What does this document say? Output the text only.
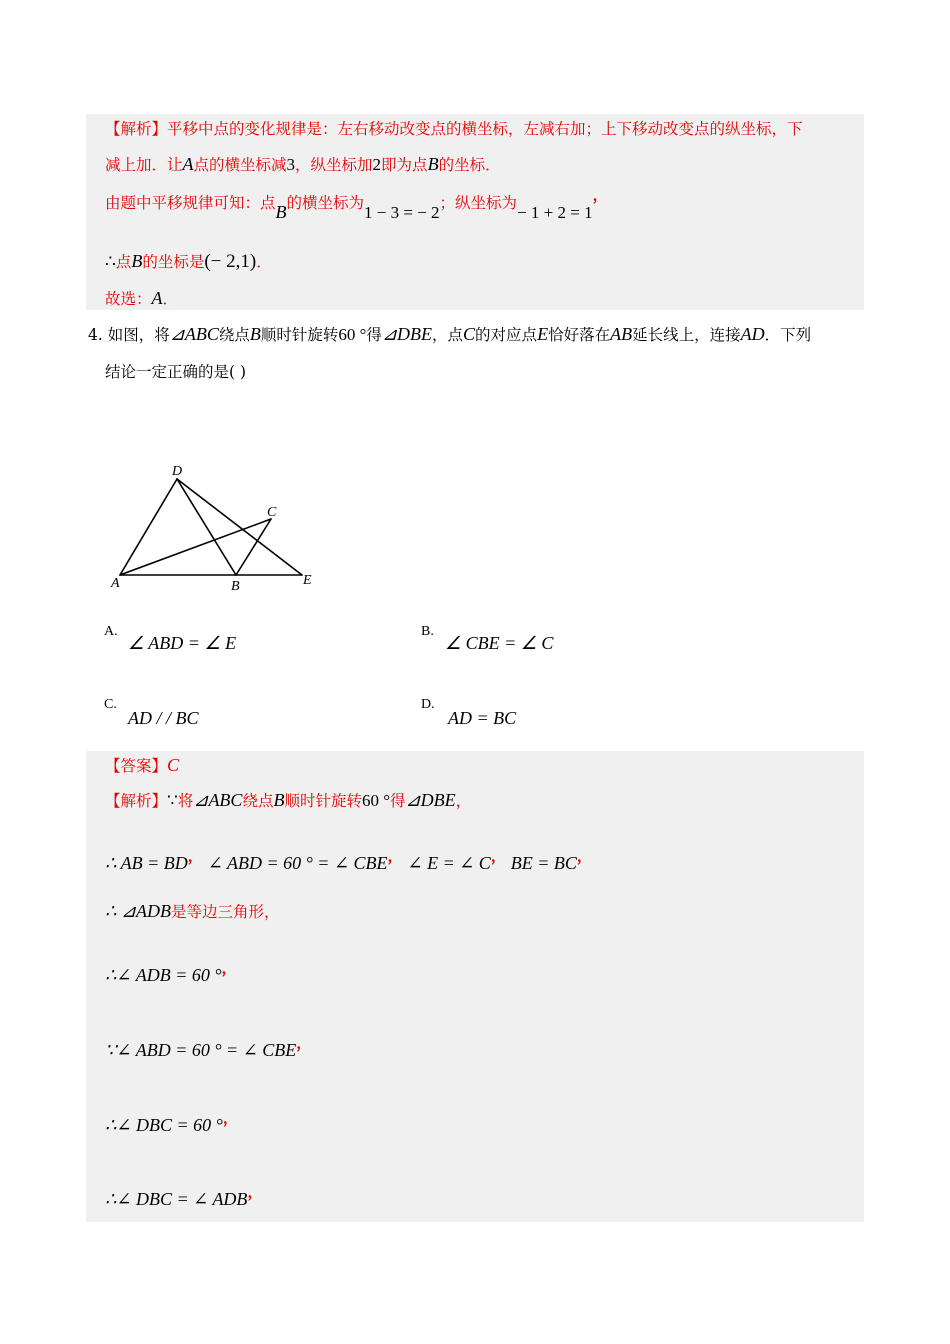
【解析】平移中点的变化规律是：左右移动改变点的横坐标，左减右加；上下移动改变点的纵坐标，下
减上加．让A点的横坐标减3，纵坐标加2即为点B的坐标．
由题中平移规律可知：点B的横坐标为1 − 3 = − 2；纵坐标为− 1 + 2 = 1，
∴点B的坐标是(− 2,1)．
故选：A．
4. 如图，将⊿ABC绕点B顺时针旋转60 °得⊿DBE，点C的对应点E恰好落在AB延长线上，连接AD．下列
结论一定正确的是( )
D
C
A	B	E
A.
∠ ABD = ∠ E
B.
∠ CBE = ∠ C
C.
AD / / BC
D.
AD = BC
【答案】C
【解析】∵将⊿ABC绕点B顺时针旋转60 °得⊿DBE，
∴ AB = BD， ∠ ABD = 60 ° = ∠ CBE， ∠ E = ∠ C， BE = BC，
∴ ⊿ADB是等边三角形，
∴∠ ADB = 60 °，
∵∠ ABD = 60 ° = ∠ CBE，
∴∠ DBC = 60 °，
∴∠ DBC = ∠ ADB，
